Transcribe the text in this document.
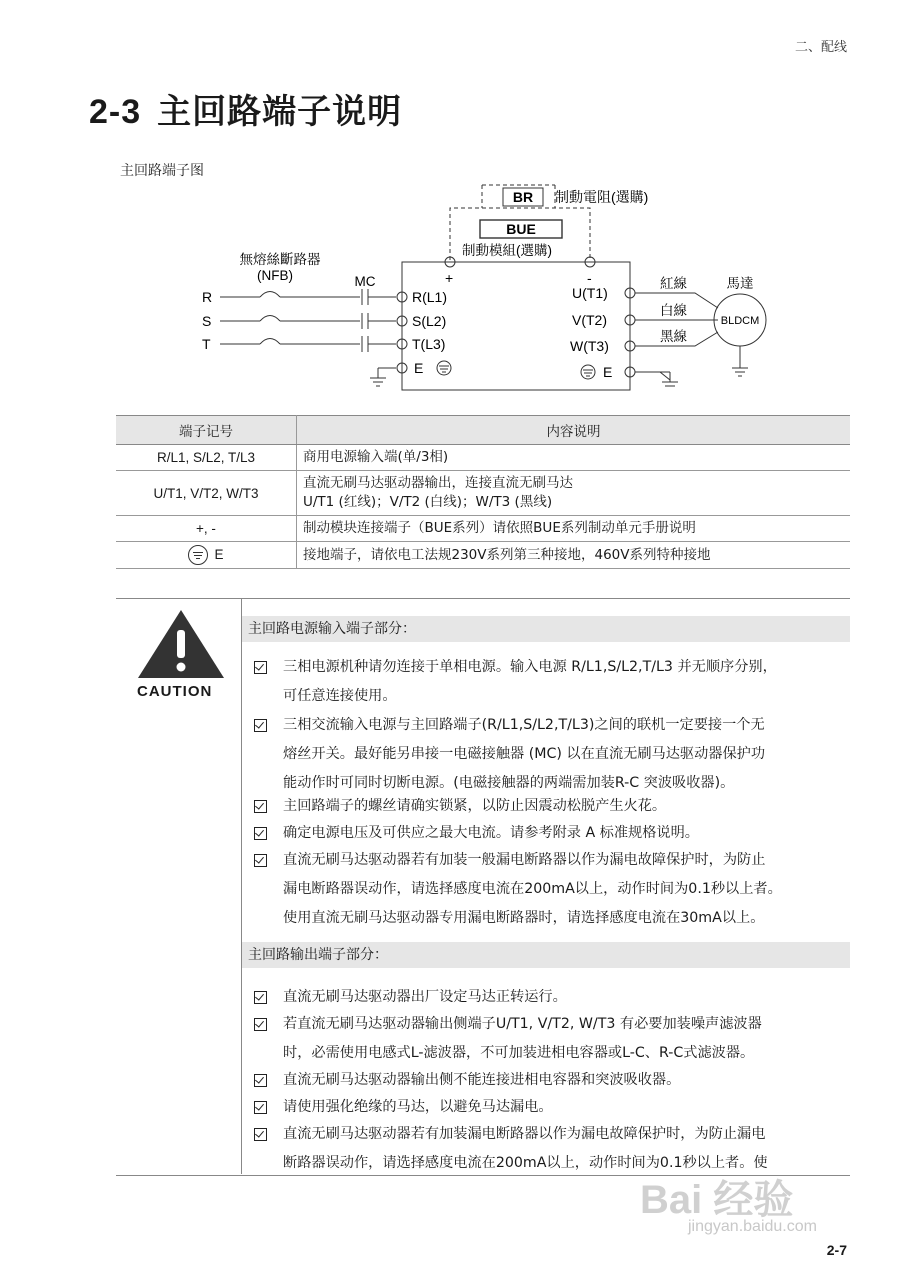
二、配线
2-3 主回路端子说明
主回路端子图
BR 制動電阻(選購)
BUE
制動模組(選購)
無熔絲斷路器
(NFB)	MC
R
S
T
R(L1)
S(L2)
T(L3)
E
+	-
U(T1)
V(T2)
W(T3)
E
紅線
白線
黑線
馬達
BLDCM
端子记号	内容说明
R/L1, S/L2, T/L3	商用电源输入端(单/3相)
U/T1, V/T2, W/T3	直流无刷马达驱动器输出，连接直流无刷马达
U/T1 (红线)；V/T2 (白线)；W/T3 (黑线)

+, -	制动模块连接端子（BUE系列）请依照BUE系列制动单元手册说明

E	接地端子，请依电工法规230V系列第三种接地，460V系列特种接地
CAUTION
主回路电源输入端子部分：
三相电源机种请勿连接于单相电源。输入电源 R/L1,S/L2,T/L3 并无顺序分别，
可任意连接使用。
三相交流输入电源与主回路端子(R/L1,S/L2,T/L3)之间的联机一定要接一个无
熔丝开关。最好能另串接一电磁接触器 (MC) 以在直流无刷马达驱动器保护功
能动作时可同时切断电源。(电磁接触器的两端需加装R-C 突波吸收器)。
主回路端子的螺丝请确实锁紧，以防止因震动松脱产生火花。
确定电源电压及可供应之最大电流。请参考附录 A 标准规格说明。
直流无刷马达驱动器若有加装一般漏电断路器以作为漏电故障保护时，为防止
漏电断路器误动作，请选择感度电流在200mA以上，动作时间为0.1秒以上者。
使用直流无刷马达驱动器专用漏电断路器时，请选择感度电流在30mA以上。
主回路输出端子部分：
直流无刷马达驱动器出厂设定马达正转运行。
若直流无刷马达驱动器输出侧端子U/T1, V/T2, W/T3 有必要加装噪声滤波器
时，必需使用电感式L-滤波器，不可加装进相电容器或L-C、R-C式滤波器。
直流无刷马达驱动器输出侧不能连接进相电容器和突波吸收器。
请使用强化绝缘的马达，以避免马达漏电。
直流无刷马达驱动器若有加装漏电断路器以作为漏电故障保护时，为防止漏电
断路器误动作，请选择感度电流在200mA以上，动作时间为0.1秒以上者。使
Bai 经验
jingyan.baidu.com
2-7
